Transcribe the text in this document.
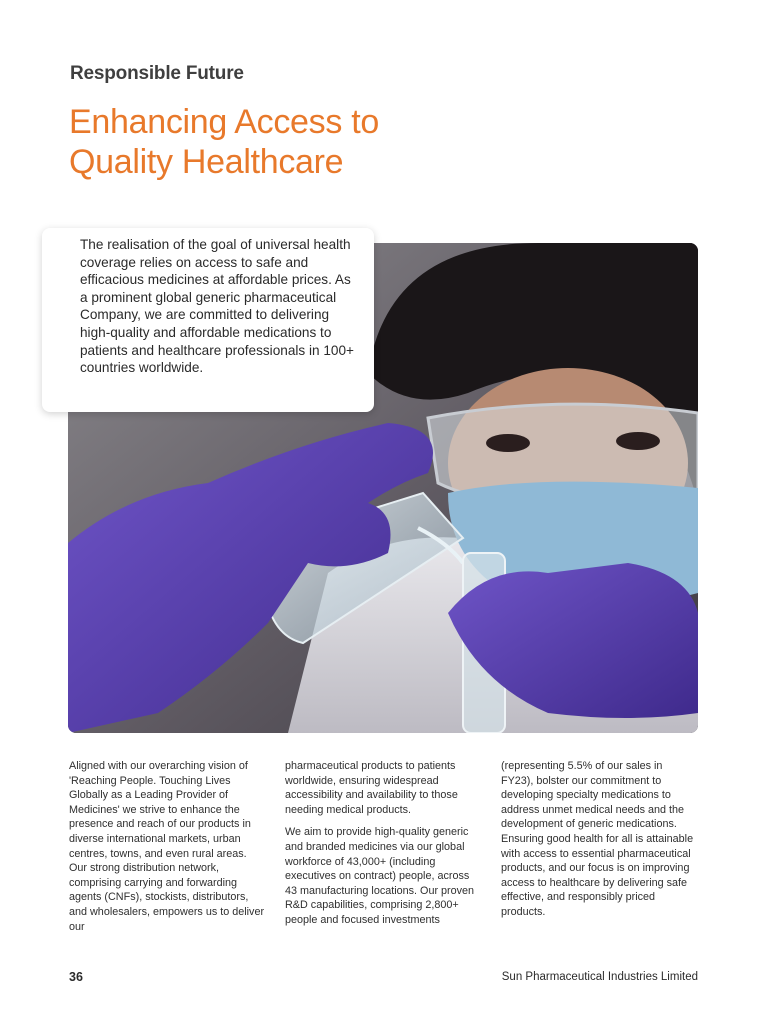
Responsible Future
Enhancing Access to Quality Healthcare

The realisation of the goal of universal health coverage relies on access to safe and efficacious medicines at affordable prices. As a prominent global generic pharmaceutical Company, we are committed to delivering high-quality and affordable medications to patients and healthcare professionals in 100+ countries worldwide.

Aligned with our overarching vision of 'Reaching People. Touching Lives Globally as a Leading Provider of Medicines' we strive to enhance the presence and reach of our products in diverse international markets, urban centres, towns, and even rural areas. Our strong distribution network, comprising carrying and forwarding agents (CNFs), stockists, distributors, and wholesalers, empowers us to deliver our

pharmaceutical products to patients worldwide, ensuring widespread accessibility and availability to those needing medical products.

We aim to provide high-quality generic and branded medicines via our global workforce of 43,000+ (including executives on contract) people, across 43 manufacturing locations. Our proven R&D capabilities, comprising 2,800+ people and focused investments

(representing 5.5% of our sales in FY23), bolster our commitment to developing specialty medications to address unmet medical needs and the development of generic medications. Ensuring good health for all is attainable with access to essential pharmaceutical products, and our focus is on improving access to healthcare by delivering safe effective, and responsibly priced products.

36	Sun Pharmaceutical Industries Limited
